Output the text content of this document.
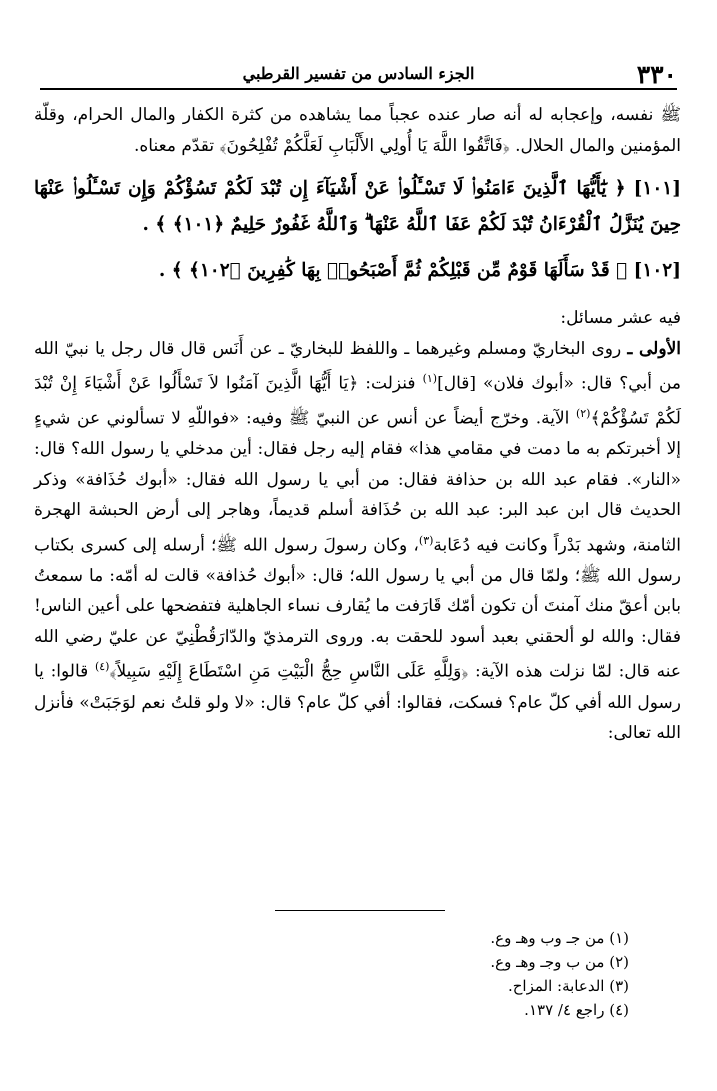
٣٣٠
الجزء السادس من تفسير القرطبي

ﷺ نفسه، وإعجابه له أنه صار عنده عجباً مما يشاهده من كثرة الكفار والمال الحرام، وقلّة المؤمنين والمال الحلال. ﴿فَاتَّقُوا اللَّهَ يَا أُولِي الأَلْبَابِ لَعَلَّكُمْ تُفْلِحُونَ﴾ تقدّم معناه.

[١٠١] ﴿ يَٰٓأَيُّهَا ٱلَّذِينَ ءَامَنُوا۟ لَا تَسْـَٔلُوا۟ عَنْ أَشْيَآءَ إِن تُبْدَ لَكُمْ تَسُؤْكُمْ وَإِن تَسْـَٔلُوا۟ عَنْهَا حِينَ يُنَزَّلُ ٱلْقُرْءَانُ تُبْدَ لَكُمْ عَفَا ٱللَّهُ عَنْهَا ۗ وَٱللَّهُ غَفُورٌ حَلِيمٌ ﴿١٠١﴾ ﴾ .

[١٠٢] ﴿ قَدْ سَأَلَهَا قَوْمٌ مِّن قَبْلِكُمْ ثُمَّ أَصْبَحُوا۟ بِهَا كَٰفِرِينَ ﴿١٠٢﴾ ﴾ .

فيه عشر مسائل:

الأولى ـ روى البخاريّ ومسلم وغيرهما ـ واللفظ للبخاريّ ـ عن أَنَس قال قال رجل يا نبيّ الله من أبي؟ قال: «أبوك فلان» [قال]$^{(١)}$ فنزلت: ﴿يَا أَيُّهَا الَّذِينَ آمَنُوا لاَ تَسْأَلُوا عَنْ أَشْيَاءَ إِنْ تُبْدَ لَكُمْ تَسُؤْكُمْ﴾$^{(٢)}$ الآية. وخرّج أيضاً عن أنس عن النبيّ ﷺ وفيه: «فواللّهِ لا تسألوني عن شيءٍ إلا أخبرتكم به ما دمت في مقامي هذا» فقام إليه رجل فقال: أين مدخلي يا رسول الله؟ قال: «النار». فقام عبد الله بن حذافة فقال: من أبي يا رسول الله فقال: «أبوك حُذَافة» وذكر الحديث قال ابن عبد البر: عبد الله بن حُذَافة أسلم قديماً، وهاجر إلى أرض الحبشة الهجرة الثامنة، وشهد بَدْراً وكانت فيه دُعَابة$^{(٣)}$، وكان رسولَ رسول الله ﷺ؛ أرسله إلى كسرى بكتاب رسول الله ﷺ؛ ولمّا قال من أبي يا رسول الله؛ قال: «أبوك حُذافة» قالت له أمّه: ما سمعتُ بابن أعقّ منك آمنتَ أن تكون أمّك قَارَفت ما يُقارف نساء الجاهلية فتفضحها على أعين الناس! فقال: والله لو ألحقني بعبد أسود للحقت به. وروى الترمذيّ والدّارَقُطْنِيّ عن عليّ رضي الله عنه قال: لمّا نزلت هذه الآية: ﴿وَلِلَّهِ عَلَى النَّاسِ حِجُّ الْبَيْتِ مَنِ اسْتَطَاعَ إِلَيْهِ سَبِيلاً﴾$^{(٤)}$ قالوا: يا رسول الله أفي كلّ عام؟ فسكت، فقالوا: أفي كلّ عام؟ قال: «لا ولو قلتُ نعم لوَجَبَتْ» فأنزل الله تعالى:

(١) من جـ وب وهـ وع.
(٢) من ب وجـ وهـ وع.
(٣) الدعابة: المزاح.
(٤) راجع ٤/ ١٣٧.
